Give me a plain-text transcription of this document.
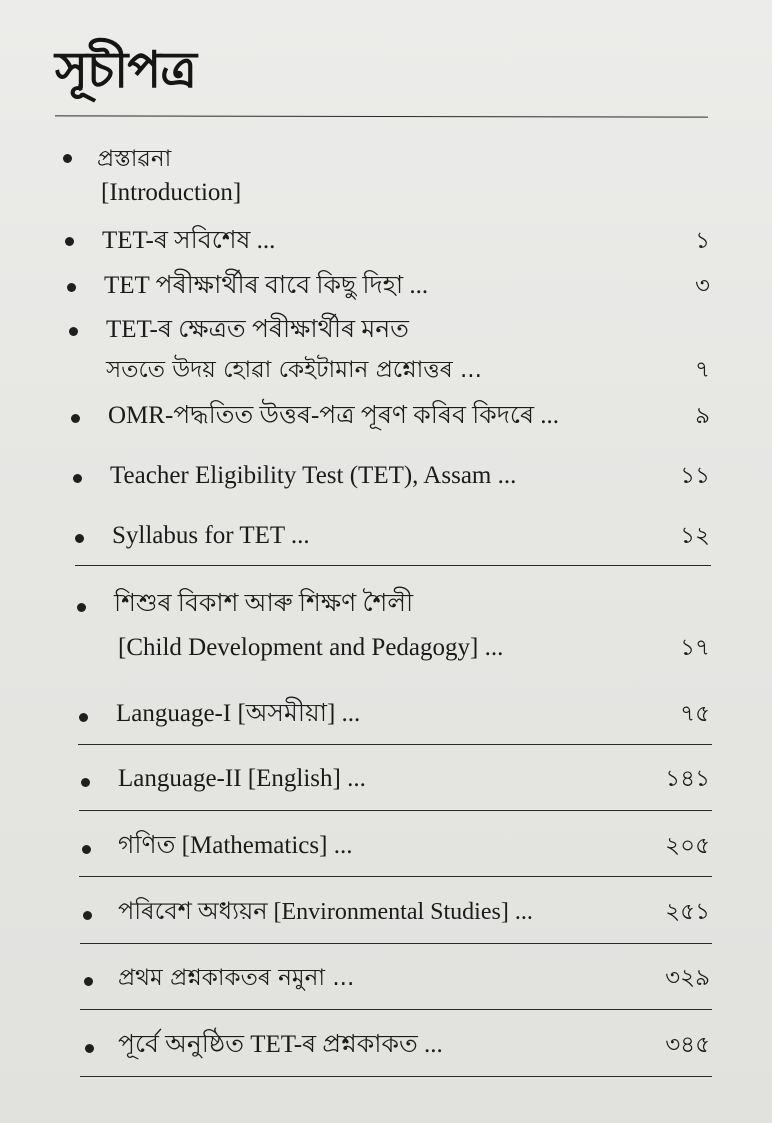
সূচীপত্ৰ
প্ৰস্তাৱনা
[Introduction]
TET-ৰ সবিশেষ ...	১
TET পৰীক্ষাৰ্থীৰ বাবে কিছু দিহা ...	৩
TET-ৰ ক্ষেত্ৰত পৰীক্ষাৰ্থীৰ মনত
সততে উদয় হোৱা কেইটামান প্ৰশ্নোত্তৰ ...	৭
OMR-পদ্ধতিত উত্তৰ-পত্ৰ পূৰণ কৰিব কিদৰে ...	৯
Teacher Eligibility Test (TET), Assam ...	১১
Syllabus for TET ...	১২
শিশুৰ বিকাশ আৰু শিক্ষণ শৈলী
[Child Development and Pedagogy] ...	১৭
Language-I [অসমীয়া] ...	৭৫
Language-II [English] ...	১৪১
গণিত [Mathematics] ...	২০৫
পৰিবেশ অধ্যয়ন [Environmental Studies] ...	২৫১
প্ৰথম প্ৰশ্নকাকতৰ নমুনা ...	৩২৯
পূৰ্বে অনুষ্ঠিত TET-ৰ প্ৰশ্নকাকত ...	৩৪৫
